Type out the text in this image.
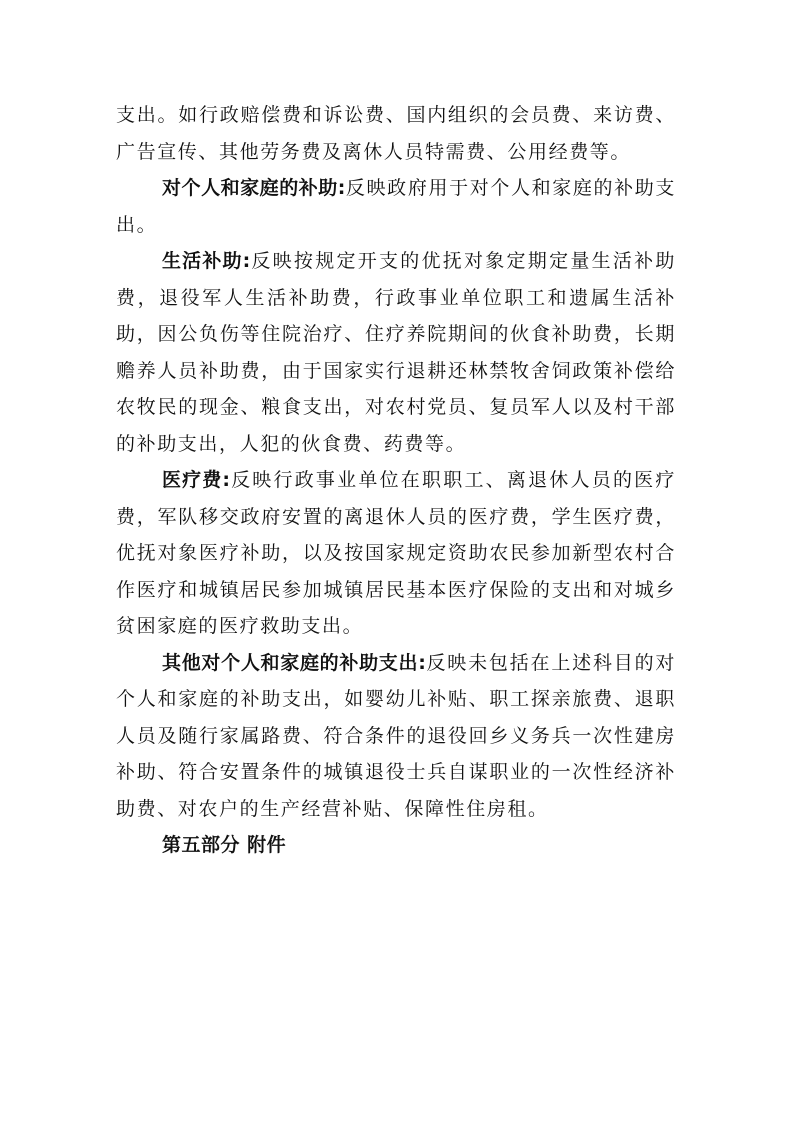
支出。如行政赔偿费和诉讼费、国内组织的会员费、来访费、广告宣传、其他劳务费及离休人员特需费、公用经费等。

对个人和家庭的补助:反映政府用于对个人和家庭的补助支出。

生活补助:反映按规定开支的优抚对象定期定量生活补助费，退役军人生活补助费，行政事业单位职工和遗属生活补助，因公负伤等住院治疗、住疗养院期间的伙食补助费，长期赡养人员补助费，由于国家实行退耕还林禁牧舍饲政策补偿给农牧民的现金、粮食支出，对农村党员、复员军人以及村干部的补助支出，人犯的伙食费、药费等。

医疗费:反映行政事业单位在职职工、离退休人员的医疗费，军队移交政府安置的离退休人员的医疗费，学生医疗费，优抚对象医疗补助，以及按国家规定资助农民参加新型农村合作医疗和城镇居民参加城镇居民基本医疗保险的支出和对城乡贫困家庭的医疗救助支出。

其他对个人和家庭的补助支出:反映未包括在上述科目的对个人和家庭的补助支出，如婴幼儿补贴、职工探亲旅费、退职人员及随行家属路费、符合条件的退役回乡义务兵一次性建房补助、符合安置条件的城镇退役士兵自谋职业的一次性经济补助费、对农户的生产经营补贴、保障性住房租。

第五部分 附件
